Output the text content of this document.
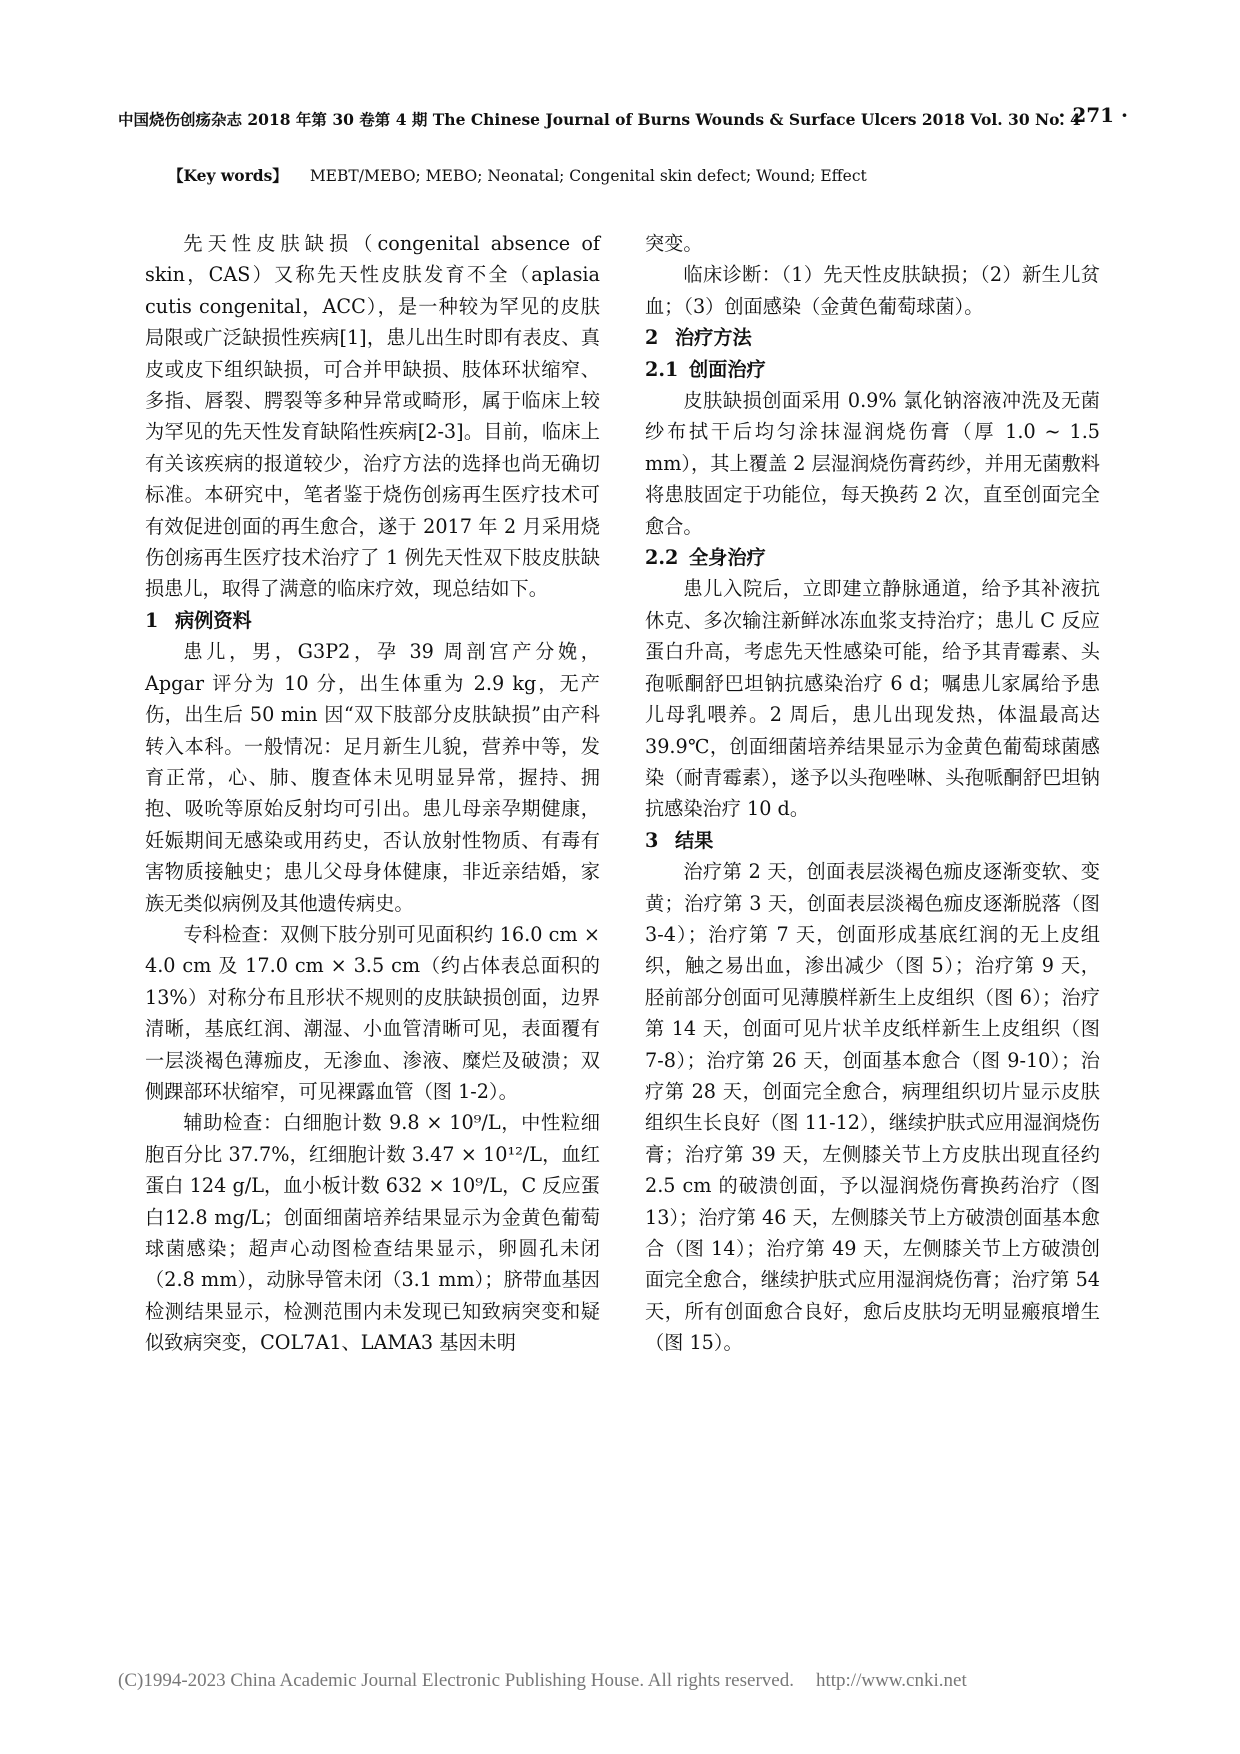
中国烧伤创疡杂志 2018 年第 30 卷第 4 期 The Chinese Journal of Burns Wounds & Surface Ulcers 2018 Vol. 30 No. 4
· 271 ·
【Key words】 MEBT/MEBO; MEBO; Neonatal; Congenital skin defect; Wound; Effect

先天性皮肤缺损（congenital absence of skin，CAS）又称先天性皮肤发育不全（aplasia cutis congenital，ACC），是一种较为罕见的皮肤局限或广泛缺损性疾病[1]，患儿出生时即有表皮、真皮或皮下组织缺损，可合并甲缺损、肢体环状缩窄、多指、唇裂、腭裂等多种异常或畸形，属于临床上较为罕见的先天性发育缺陷性疾病[2-3]。目前，临床上有关该疾病的报道较少，治疗方法的选择也尚无确切标准。本研究中，笔者鉴于烧伤创疡再生医疗技术可有效促进创面的再生愈合，遂于 2017 年 2 月采用烧伤创疡再生医疗技术治疗了 1 例先天性双下肢皮肤缺损患儿，取得了满意的临床疗效，现总结如下。

1 病例资料

患儿，男，G3P2，孕 39 周剖宫产分娩，Apgar 评分为 10 分，出生体重为 2.9 kg，无产伤，出生后 50 min 因“双下肢部分皮肤缺损”由产科转入本科。一般情况：足月新生儿貌，营养中等，发育正常，心、肺、腹查体未见明显异常，握持、拥抱、吸吮等原始反射均可引出。患儿母亲孕期健康，妊娠期间无感染或用药史，否认放射性物质、有毒有害物质接触史；患儿父母身体健康，非近亲结婚，家族无类似病例及其他遗传病史。

专科检查：双侧下肢分别可见面积约 16.0 cm × 4.0 cm 及 17.0 cm × 3.5 cm（约占体表总面积的 13%）对称分布且形状不规则的皮肤缺损创面，边界清晰，基底红润、潮湿、小血管清晰可见，表面覆有一层淡褐色薄痂皮，无渗血、渗液、糜烂及破溃；双侧踝部环状缩窄，可见裸露血管（图 1-2）。

辅助检查：白细胞计数 9.8 × 10⁹/L，中性粒细胞百分比 37.7%，红细胞计数 3.47 × 10¹²/L，血红蛋白 124 g/L，血小板计数 632 × 10⁹/L，C 反应蛋白12.8 mg/L；创面细菌培养结果显示为金黄色葡萄球菌感染；超声心动图检查结果显示，卵圆孔未闭（2.8 mm），动脉导管未闭（3.1 mm）；脐带血基因检测结果显示，检测范围内未发现已知致病突变和疑似致病突变，COL7A1、LAMA3 基因未明

突变。

临床诊断：（1）先天性皮肤缺损；（2）新生儿贫血；（3）创面感染（金黄色葡萄球菌）。

2 治疗方法
2.1 创面治疗

皮肤缺损创面采用 0.9% 氯化钠溶液冲洗及无菌纱布拭干后均匀涂抹湿润烧伤膏（厚 1.0 ~ 1.5 mm），其上覆盖 2 层湿润烧伤膏药纱，并用无菌敷料将患肢固定于功能位，每天换药 2 次，直至创面完全愈合。

2.2 全身治疗

患儿入院后，立即建立静脉通道，给予其补液抗休克、多次输注新鲜冰冻血浆支持治疗；患儿 C 反应蛋白升高，考虑先天性感染可能，给予其青霉素、头孢哌酮舒巴坦钠抗感染治疗 6 d；嘱患儿家属给予患儿母乳喂养。2 周后，患儿出现发热，体温最高达 39.9℃，创面细菌培养结果显示为金黄色葡萄球菌感染（耐青霉素），遂予以头孢唑啉、头孢哌酮舒巴坦钠抗感染治疗 10 d。

3 结果

治疗第 2 天，创面表层淡褐色痂皮逐渐变软、变黄；治疗第 3 天，创面表层淡褐色痂皮逐渐脱落（图 3-4）；治疗第 7 天，创面形成基底红润的无上皮组织，触之易出血，渗出减少（图 5）；治疗第 9 天，胫前部分创面可见薄膜样新生上皮组织（图 6）；治疗第 14 天，创面可见片状羊皮纸样新生上皮组织（图 7-8）；治疗第 26 天，创面基本愈合（图 9-10）；治疗第 28 天，创面完全愈合，病理组织切片显示皮肤组织生长良好（图 11-12），继续护肤式应用湿润烧伤膏；治疗第 39 天，左侧膝关节上方皮肤出现直径约 2.5 cm 的破溃创面，予以湿润烧伤膏换药治疗（图 13）；治疗第 46 天，左侧膝关节上方破溃创面基本愈合（图 14）；治疗第 49 天，左侧膝关节上方破溃创面完全愈合，继续护肤式应用湿润烧伤膏；治疗第 54 天，所有创面愈合良好，愈后皮肤均无明显瘢痕增生（图 15）。

(C)1994-2023 China Academic Journal Electronic Publishing House. All rights reserved. http://www.cnki.net
